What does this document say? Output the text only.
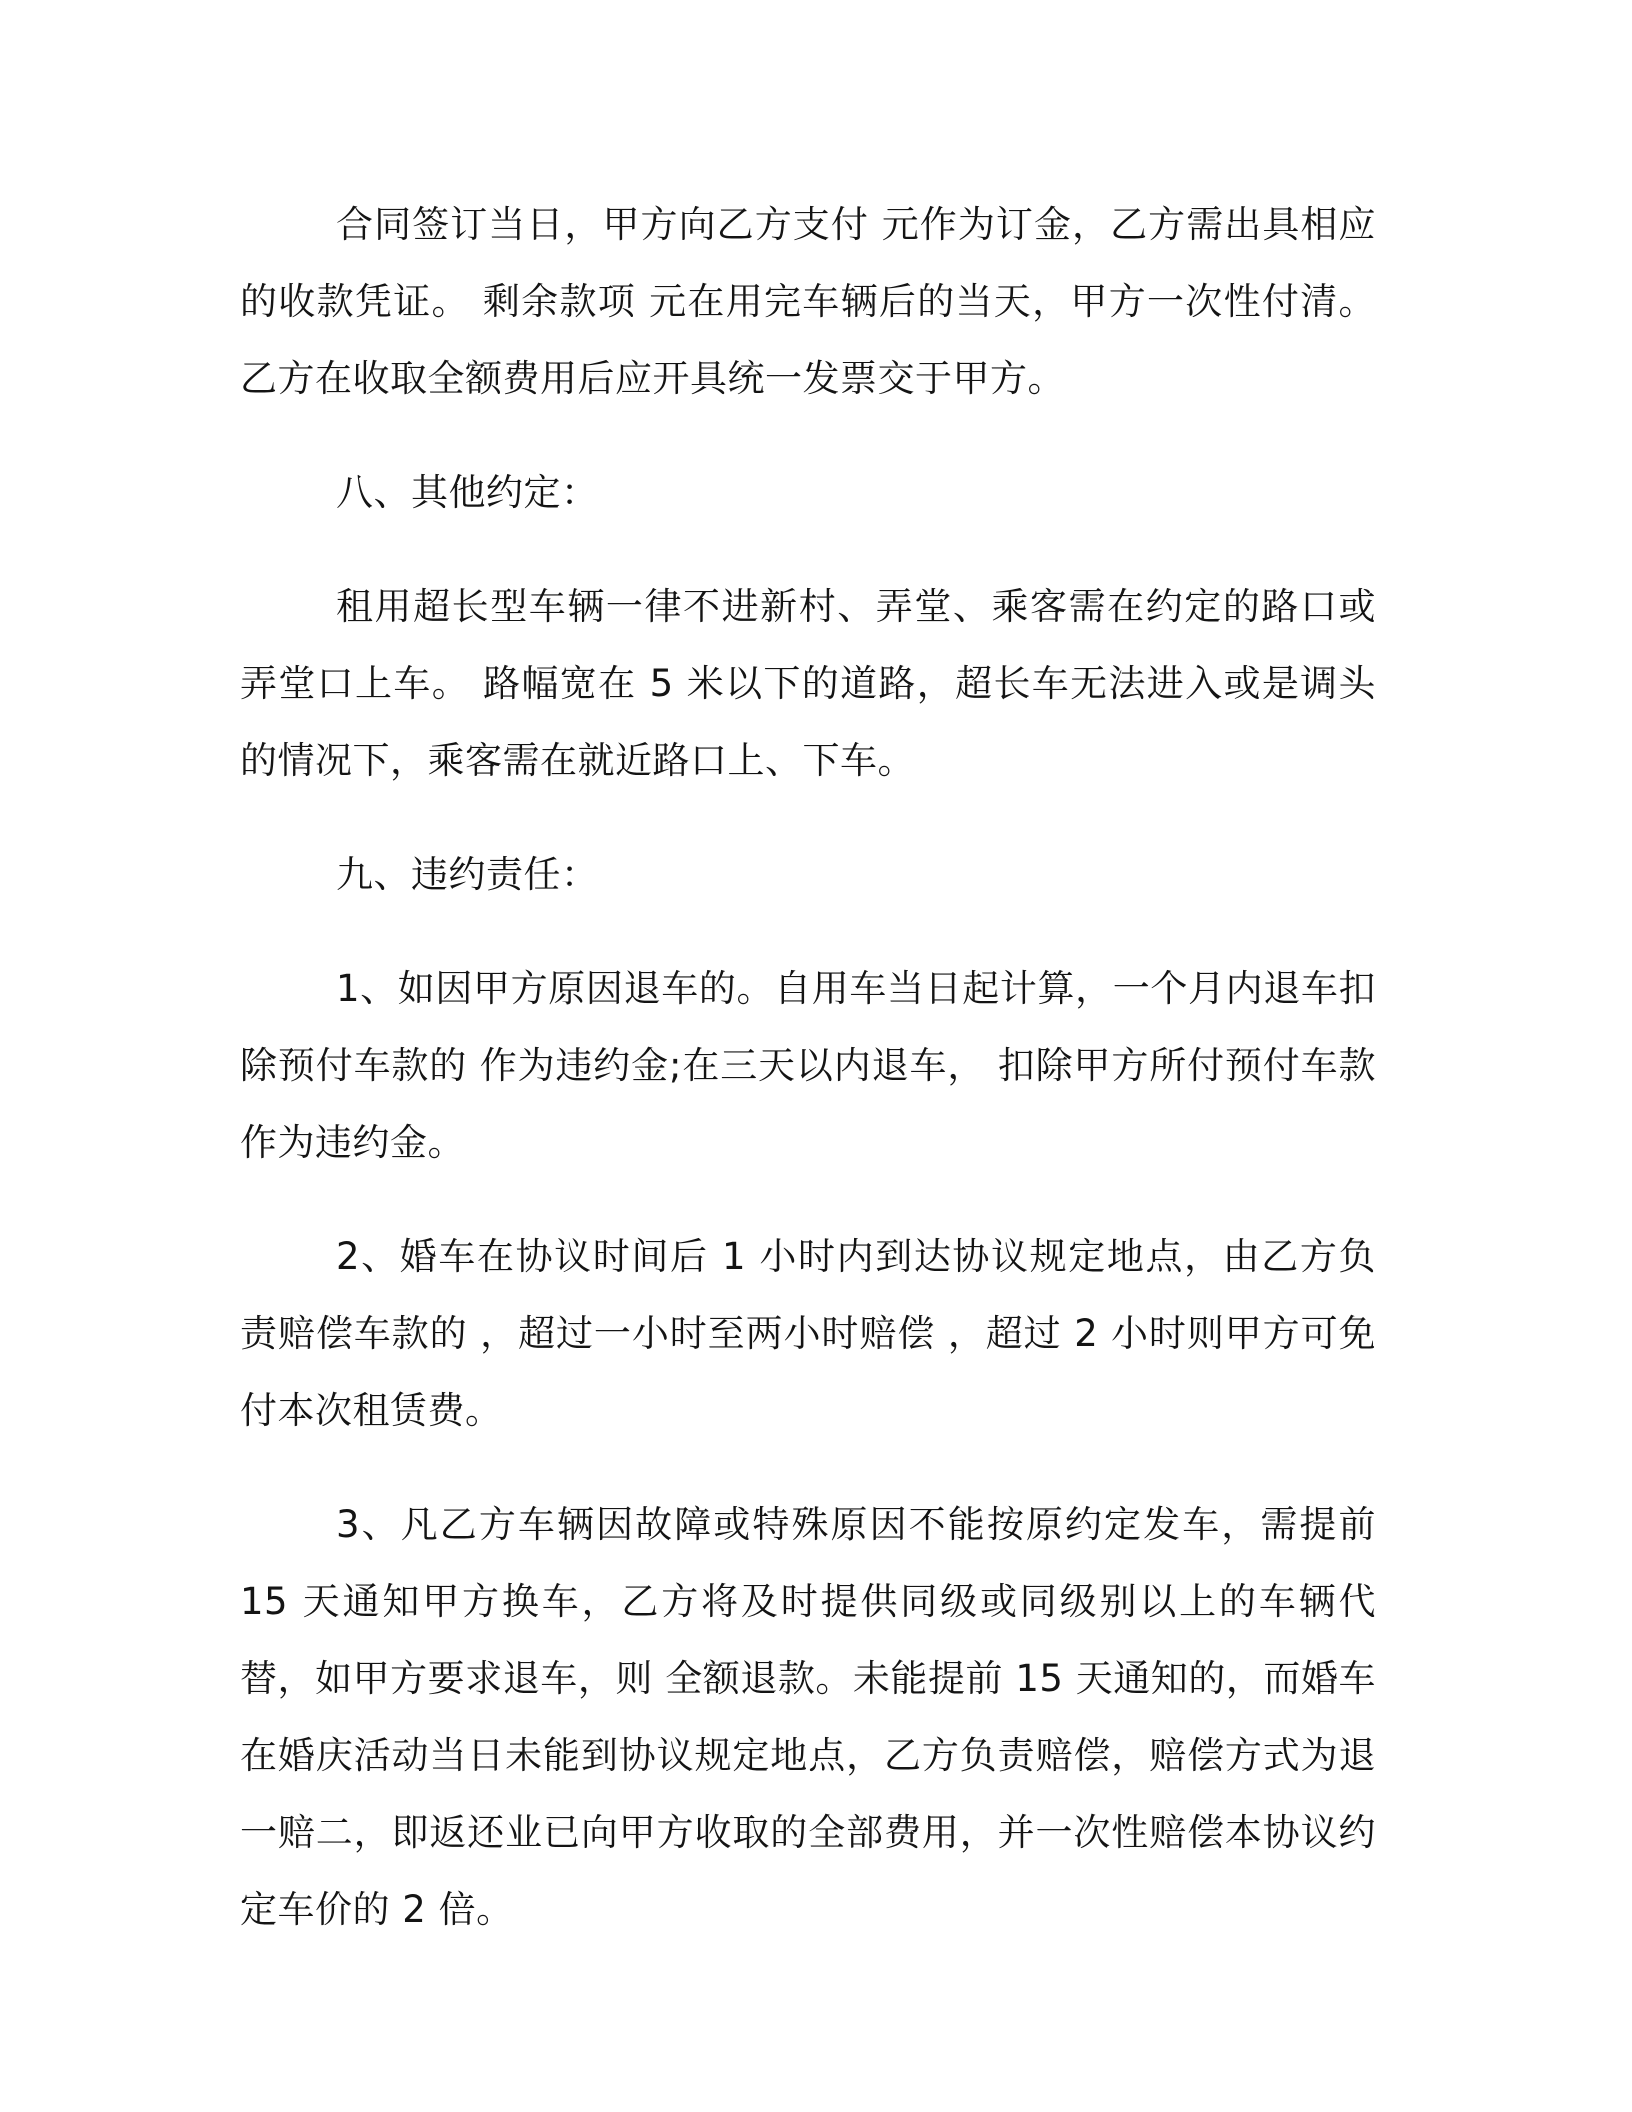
合同签订当日，甲方向乙方支付 元作为订金，乙方需出具相应的收款凭证。 剩余款项 元在用完车辆后的当天，甲方一次性付清。 乙方在收取全额费用后应开具统一发票交于甲方。

八、其他约定：

租用超长型车辆一律不进新村、弄堂、乘客需在约定的路口或弄堂口上车。 路幅宽在 5 米以下的道路，超长车无法进入或是调头的情况下，乘客需在就近路口上、下车。

九、违约责任：

1、如因甲方原因退车的。自用车当日起计算，一个月内退车扣除预付车款的 作为违约金;在三天以内退车， 扣除甲方所付预付车款 作为违约金。

2、婚车在协议时间后 1 小时内到达协议规定地点，由乙方负责赔偿车款的 ，超过一小时至两小时赔偿 ，超过 2 小时则甲方可免付本次租赁费。

3、凡乙方车辆因故障或特殊原因不能按原约定发车，需提前 15 天通知甲方换车，乙方将及时提供同级或同级别以上的车辆代替，如甲方要求退车，则 全额退款。未能提前 15 天通知的，而婚车在婚庆活动当日未能到协议规定地点，乙方负责赔偿，赔偿方式为退一赔二，即返还业已向甲方收取的全部费用，并一次性赔偿本协议约定车价的 2 倍。
